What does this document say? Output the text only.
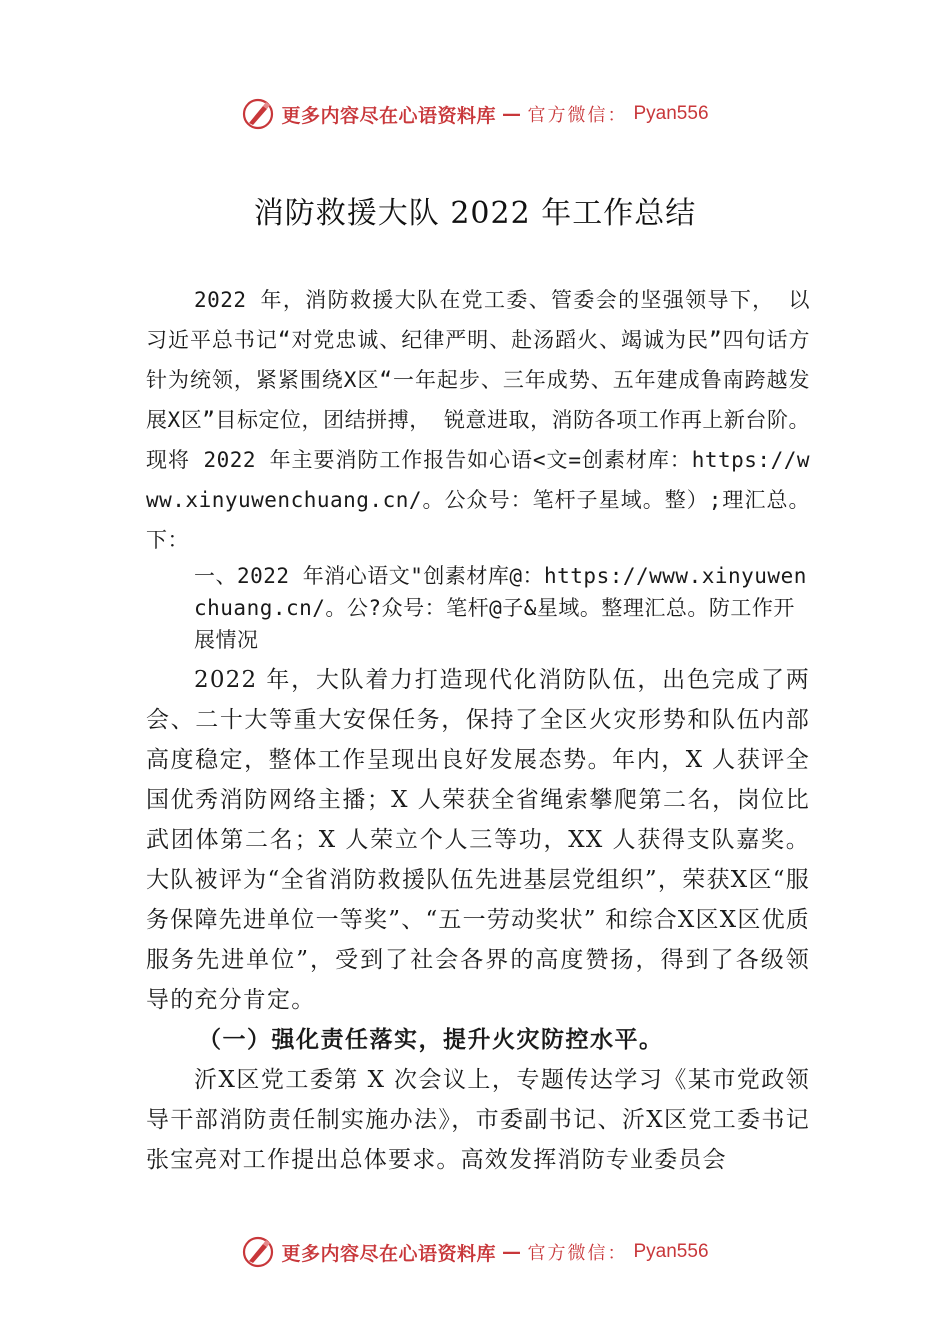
更多内容尽在心语资料库 — 官方微信： Pyan556
消防救援大队 2022 年工作总结

2022 年，消防救援大队在党工委、管委会的坚强领导下， 以习近平总书记“对党忠诚、纪律严明、赴汤蹈火、竭诚为民”四句话方针为统领，紧紧围绕X区“一年起步、三年成势、五年建成鲁南跨越发展X区”目标定位，团结拼搏， 锐意进取，消防各项工作再上新台阶。现将 2022 年主要消防工作报告如心语<文=创素材库：https://www.xinyuwenchuang.cn/。公众号：笔杆子星域。整）;理汇总。下：

一、2022 年消心语文"创素材库@：https://www.xinyuwenchuang.cn/。公?众号：笔杆@子&星域。整理汇总。防工作开展情况

2022 年，大队着力打造现代化消防队伍，出色完成了两会、二十大等重大安保任务，保持了全区火灾形势和队伍内部高度稳定，整体工作呈现出良好发展态势。年内，X 人获评全国优秀消防网络主播；X 人荣获全省绳索攀爬第二名，岗位比武团体第二名；X 人荣立个人三等功，XX 人获得支队嘉奖。大队被评为“全省消防救援队伍先进基层党组织”，荣获X区“服务保障先进单位一等奖”、“五一劳动奖状” 和综合X区X区优质服务先进单位”，受到了社会各界的高度赞扬，得到了各级领导的充分肯定。

（一）强化责任落实，提升火灾防控水平。

沂X区党工委第 X 次会议上，专题传达学习《某市党政领导干部消防责任制实施办法》，市委副书记、沂X区党工委书记张宝亮对工作提出总体要求。高效发挥消防专业委员会

更多内容尽在心语资料库 — 官方微信： Pyan556
